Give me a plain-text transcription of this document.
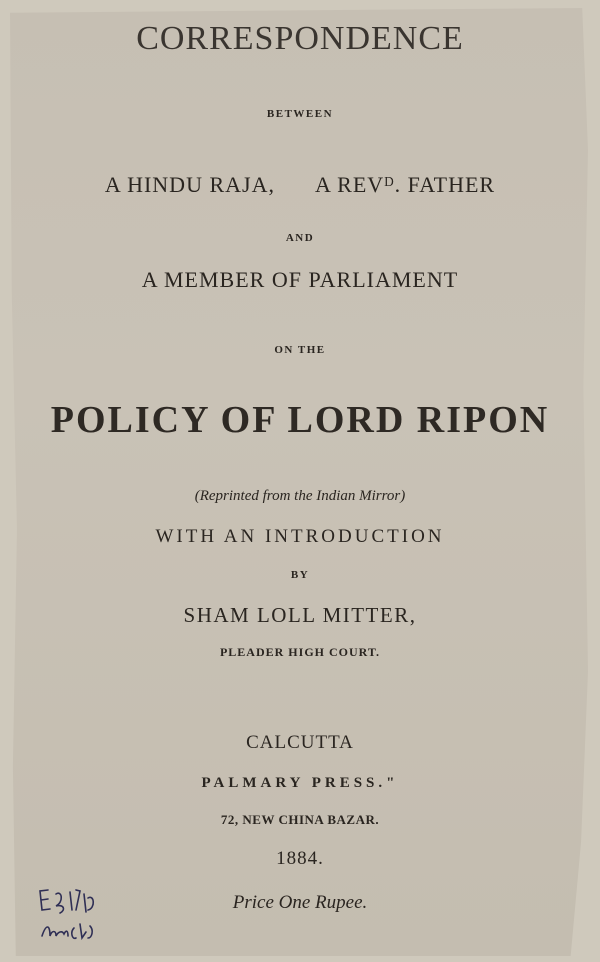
CORRESPONDENCE
BETWEEN
A HINDU RAJA, A REVᴰ. FATHER
AND
A MEMBER OF PARLIAMENT
ON THE
POLICY OF LORD RIPON
(Reprinted from the Indian Mirror)
WITH AN INTRODUCTION
BY
SHAM LOLL MITTER,
PLEADER HIGH COURT.
CALCUTTA
PALMARY PRESS."
72, NEW CHINA BAZAR.
1884.
Price One Rupee.
